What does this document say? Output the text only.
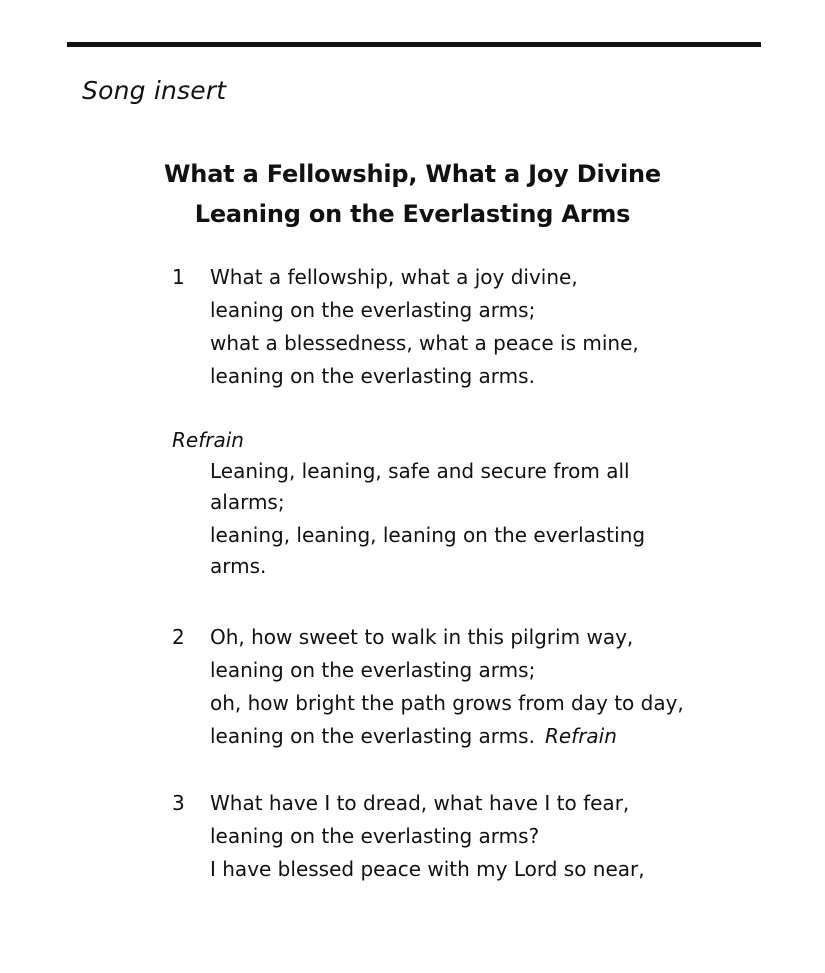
Song insert
What a Fellowship, What a Joy Divine
Leaning on the Everlasting Arms
1 What a fellowship, what a joy divine,
leaning on the everlasting arms;
what a blessedness, what a peace is mine,
leaning on the everlasting arms.
Refrain
Leaning, leaning, safe and secure from all alarms;
leaning, leaning, leaning on the everlasting arms.
2 Oh, how sweet to walk in this pilgrim way,
leaning on the everlasting arms;
oh, how bright the path grows from day to day,
leaning on the everlasting arms. Refrain
3 What have I to dread, what have I to fear,
leaning on the everlasting arms?
I have blessed peace with my Lord so near,
